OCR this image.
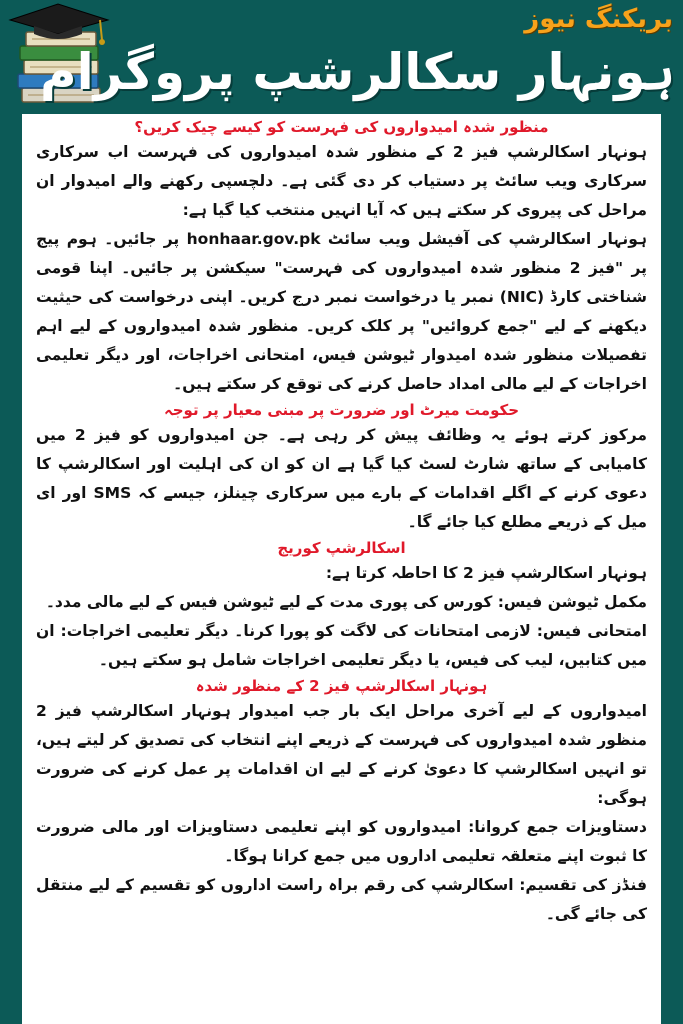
بریکنگ نیوز
ہونہار سکالرشپ پروگرام
منظور شدہ امیدواروں کی فہرست کو کیسے چیک کریں؟

ہونہار اسکالرشپ فیز 2 کے منظور شدہ امیدواروں کی فہرست اب سرکاری سرکاری ویب سائٹ پر دستیاب کر دی گئی ہے۔ دلچسپی رکھنے والے امیدوار ان مراحل کی پیروی کر سکتے ہیں کہ آیا انہیں منتخب کیا گیا ہے:

ہونہار اسکالرشپ کی آفیشل ویب سائٹ honhaar.gov.pk پر جائیں۔ ہوم پیج پر "فیز 2 منظور شدہ امیدواروں کی فہرست" سیکشن پر جائیں۔ اپنا قومی شناختی کارڈ (NIC) نمبر یا درخواست نمبر درج کریں۔ اپنی درخواست کی حیثیت دیکھنے کے لیے "جمع کروائیں" پر کلک کریں۔ منظور شدہ امیدواروں کے لیے اہم تفصیلات منظور شدہ امیدوار ٹیوشن فیس، امتحانی اخراجات، اور دیگر تعلیمی اخراجات کے لیے مالی امداد حاصل کرنے کی توقع کر سکتے ہیں۔

حکومت میرٹ اور ضرورت پر مبنی معیار پر توجہ

مرکوز کرتے ہوئے یہ وظائف پیش کر رہی ہے۔ جن امیدواروں کو فیز 2 میں کامیابی کے ساتھ شارٹ لسٹ کیا گیا ہے ان کو ان کی اہلیت اور اسکالرشپ کا دعوی کرنے کے اگلے اقدامات کے بارے میں سرکاری چینلز، جیسے کہ SMS اور ای میل کے ذریعے مطلع کیا جائے گا۔

اسکالرشپ کوریج

ہونہار اسکالرشپ فیز 2 کا احاطہ کرتا ہے:

مکمل ٹیوشن فیس: کورس کی پوری مدت کے لیے ٹیوشن فیس کے لیے مالی مدد۔

امتحانی فیس: لازمی امتحانات کی لاگت کو پورا کرنا۔ دیگر تعلیمی اخراجات: ان میں کتابیں، لیب کی فیس، یا دیگر تعلیمی اخراجات شامل ہو سکتے ہیں۔

ہونہار اسکالرشپ فیز 2 کے منظور شدہ

امیدواروں کے لیے آخری مراحل ایک بار جب امیدوار ہونہار اسکالرشپ فیز 2 منظور شدہ امیدواروں کی فہرست کے ذریعے اپنے انتخاب کی تصدیق کر لیتے ہیں، تو انہیں اسکالرشپ کا دعویٰ کرنے کے لیے ان اقدامات پر عمل کرنے کی ضرورت ہوگی:

دستاویزات جمع کروانا: امیدواروں کو اپنے تعلیمی دستاویزات اور مالی ضرورت کا ثبوت اپنے متعلقہ تعلیمی اداروں میں جمع کرانا ہوگا۔

فنڈز کی تقسیم: اسکالرشپ کی رقم براہ راست اداروں کو تقسیم کے لیے منتقل کی جائے گی۔
